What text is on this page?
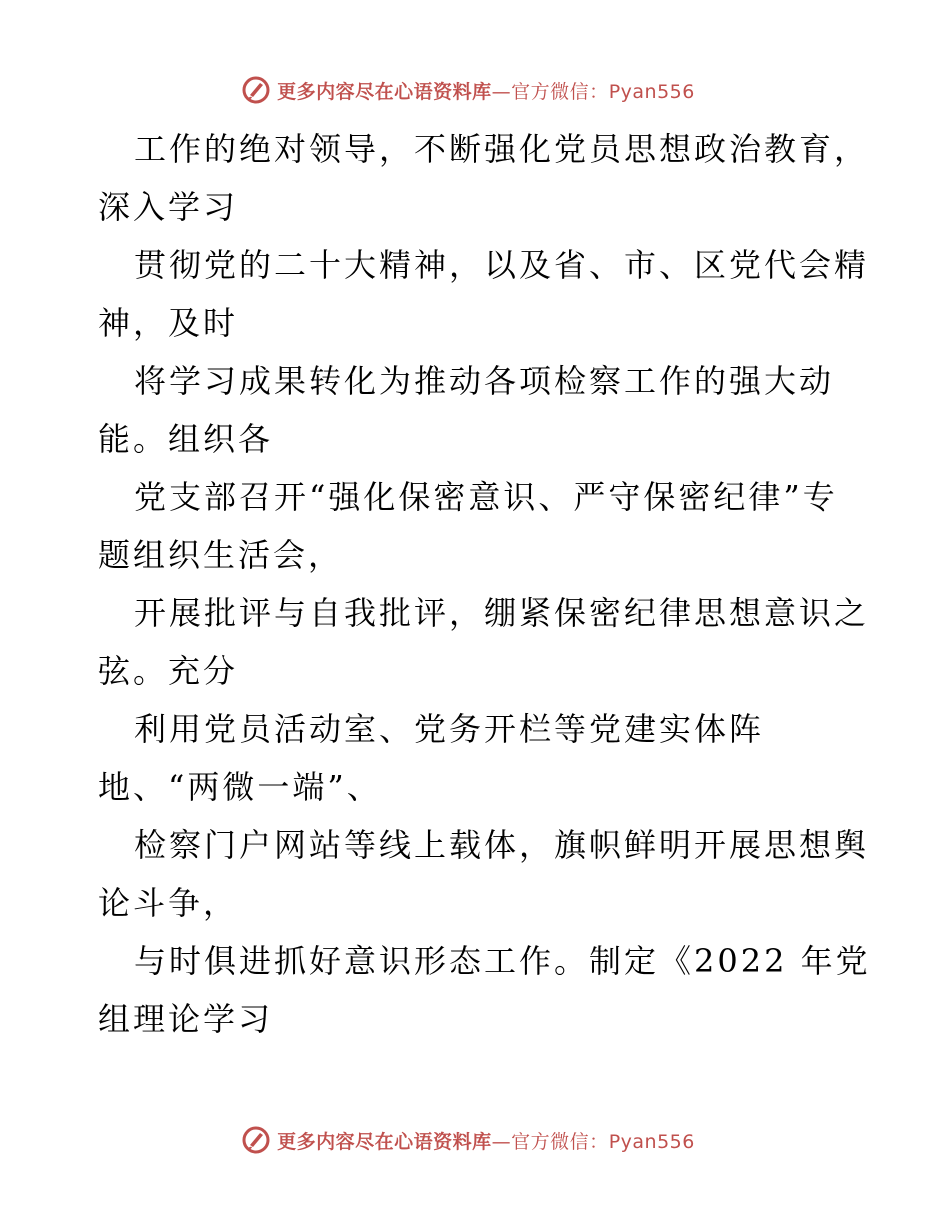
更多内容尽在心语资料库—官方微信：Pyan556
工作的绝对领导，不断强化党员思想政治教育，
深入学习
贯彻党的二十大精神，以及省、市、区党代会精
神，及时
将学习成果转化为推动各项检察工作的强大动
能。组织各
党支部召开“强化保密意识、严守保密纪律”专
题组织生活会，
开展批评与自我批评，绷紧保密纪律思想意识之
弦。充分
利用党员活动室、党务开栏等党建实体阵
地、“两微一端”、
检察门户网站等线上载体，旗帜鲜明开展思想舆
论斗争，
与时俱进抓好意识形态工作。制定《2022 年党
组理论学习
更多内容尽在心语资料库—官方微信：Pyan556
